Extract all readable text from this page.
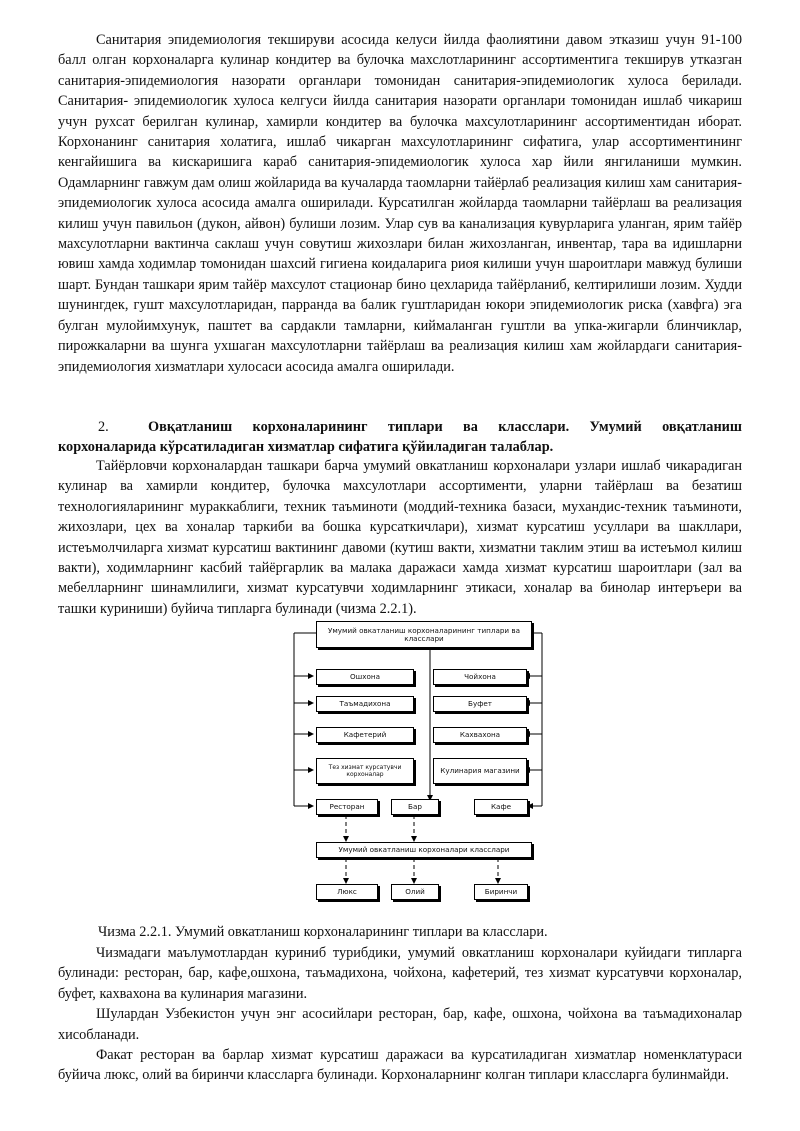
Санитария эпидемиология текшируви асосида келуси йилда фаолиятини давом этказиш учун 91-100 балл олган корхоналарга кулинар кондитер ва булочка махслотларининг ассортиментига текширув утказган санитария-эпидемиология назорати органлари томонидан санитария-эпидемиологик хулоса берилади. Санитария- эпидемиологик хулоса келгуси йилда санитария назорати органлари томонидан ишлаб чикариш учун рухсат берилган кулинар, хамирли кондитер ва булочка махсулотларининг ассортиментидан иборат. Корхонанинг санитария холатига, ишлаб чикарган махсулотларининг сифатига, улар ассортиментининг кенгайишига ва кискаришига караб санитария-эпидемиологик хулоса хар йили янгиланиши мумкин. Одамларнинг гавжум дам олиш жойларида ва кучаларда таомларни тайёрлаб реализация килиш хам санитария- эпидемиологик хулоса асосида амалга оширилади. Курсатилган жойларда таомларни тайёрлаш ва реализация килиш учун павильон (дукон, айвон) булиши лозим. Улар сув ва канализация кувурларига уланган, ярим тайёр махсулотларни вактинча саклаш учун совутиш жихозлари билан жихозланган, инвентар, тара ва идишларни ювиш хамда ходимлар томонидан шахсий гигиена коидаларига риоя килиши учун шароитлари мавжуд булиши шарт. Бундан ташкари ярим тайёр махсулот стационар бино цехларида тайёрланиб, келтирилиши лозим. Худди шунингдек, гушт махсулотларидан, парранда ва балик гуштларидан юкори эпидемиологик риска (хавфга) эга булган мулойимхунук, паштет ва сардакли тамларни, киймаланган гуштли ва упка-жигарли блинчиклар, пирожкаларни ва шунга ухшаган махсулотларни тайёрлаш ва реализация килиш хам жойлардаги санитария-эпидемиология хизматлари хулосаси асосида амалга оширилади.

2.	Овқатланиш корхоналарининг типлари ва класслари. Умумий овқатланиш корхоналарида кўрсатиладиган хизматлар сифатига қўйиладиган талаблар.

Тайёрловчи корхоналардан ташкари барча умумий овкатланиш корхоналари узлари ишлаб чикарадиган кулинар ва хамирли кондитер, булочка махсулотлари ассортименти, уларни тайёрлаш ва безатиш технологияларининг мураккаблиги, техник таъминоти (моддий-техника базаси, мухандис-техник таъминоти, жихозлари, цех ва хоналар таркиби ва бошка курсаткичлари), хизмат курсатиш усуллари ва шакллари, истеъмолчиларга хизмат курсатиш вактининг давоми (кутиш вакти, хизматни таклим этиш ва истеъмол килиш вакти), ходимларнинг касбий тайёргарлик ва малака даражаси хамда хизмат курсатиш шароитлари (зал ва мебелларнинг шинамлилиги, хизмат курсатувчи ходимларнинг этикаси, хоналар ва бинолар интеръери ва ташки куриниши) буйича типларга булинади (чизма 2.2.1).

Умумий овкатланиш корхоналарининг типлари ва класслари
Ошхона
Таъмадихона
Кафетерий
Тез хизмат курсатувчи корхоналар
Чойхона
Буфет
Кахвахона
Кулинария магазини
Ресторан	Бар	Кафе
Умумий овкатланиш корхоналари класслари
Люкс	Олий	Биринчи
Чизма 2.2.1. Умумий овкатланиш корхоналарининг типлари ва класслари.

Чизмадаги маълумотлардан куриниб турибдики, умумий овкатланиш корхоналари куйидаги типларга булинади: ресторан, бар, кафе,ошхона, таъмадихона, чойхона, кафетерий, тез хизмат курсатувчи корхоналар, буфет, кахвахона ва кулинария магазини.

Шулардан Узбекистон учун энг асосийлари ресторан, бар, кафе, ошхона, чойхона ва таъмадихоналар хисобланади.

Факат ресторан ва барлар хизмат курсатиш даражаси ва курсатиладиган хизматлар номенклатураси буйича люкс, олий ва биринчи классларга булинади. Корхоналарнинг колган типлари классларга булинмайди.
